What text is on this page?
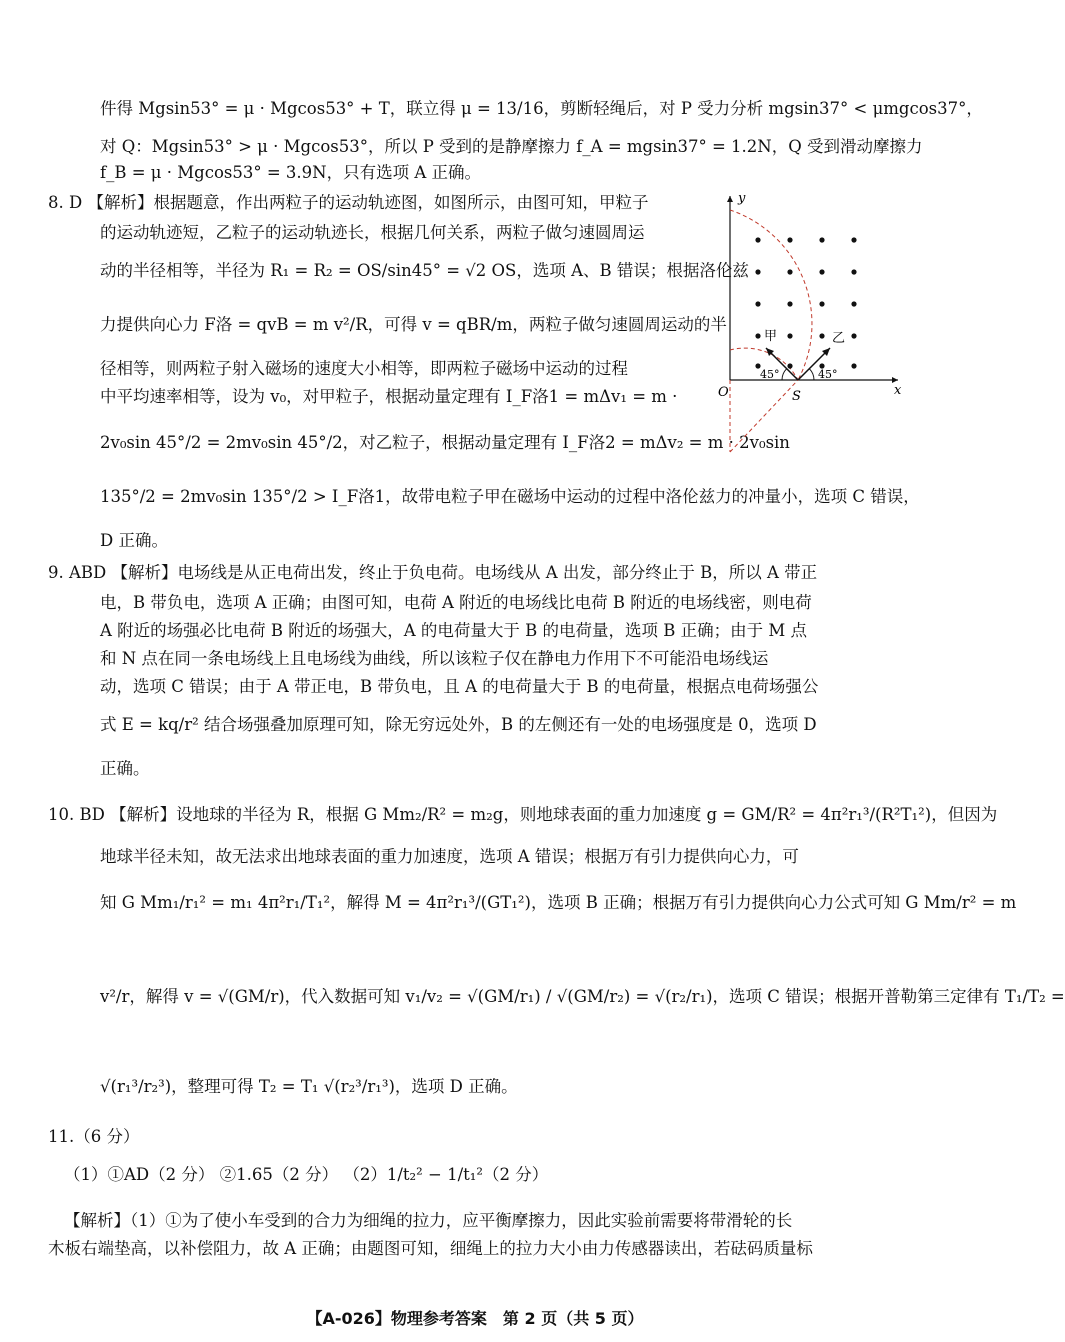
件得 Mgsin53° = μ · Mgcos53° + T，联立得 μ = 13/16，剪断轻绳后，对 P 受力分析 mgsin37° < μmgcos37°，
对 Q：Mgsin53° > μ · Mgcos53°，所以 P 受到的是静摩擦力 f_A = mgsin37° = 1.2N，Q 受到滑动摩擦力
f_B = μ · Mgcos53° = 3.9N，只有选项 A 正确。
8. D 【解析】根据题意，作出两粒子的运动轨迹图，如图所示，由图可知，甲粒子
的运动轨迹短，乙粒子的运动轨迹长，根据几何关系，两粒子做匀速圆周运
动的半径相等，半径为 R₁ = R₂ = OS/sin45° = √2 OS，选项 A、B 错误；根据洛伦兹
力提供向心力 F洛 = qvB = m v²/R，可得 v = qBR/m，两粒子做匀速圆周运动的半
径相等，则两粒子射入磁场的速度大小相等，即两粒子磁场中运动的过程
中平均速率相等，设为 v₀，对甲粒子，根据动量定理有 I_F洛1 = mΔv₁ = m ·
2v₀sin 45°/2 = 2mv₀sin 45°/2，对乙粒子，根据动量定理有 I_F洛2 = mΔv₂ = m · 2v₀sin
135°/2 = 2mv₀sin 135°/2 > I_F洛1，故带电粒子甲在磁场中运动的过程中洛伦兹力的冲量小，选项 C 错误，
D 正确。
9. ABD 【解析】电场线是从正电荷出发，终止于负电荷。电场线从 A 出发，部分终止于 B，所以 A 带正
电，B 带负电，选项 A 正确；由图可知，电荷 A 附近的电场线比电荷 B 附近的电场线密，则电荷
A 附近的场强必比电荷 B 附近的场强大，A 的电荷量大于 B 的电荷量，选项 B 正确；由于 M 点
和 N 点在同一条电场线上且电场线为曲线，所以该粒子仅在静电力作用下不可能沿电场线运
动，选项 C 错误；由于 A 带正电，B 带负电，且 A 的电荷量大于 B 的电荷量，根据点电荷场强公
式 E = kq/r² 结合场强叠加原理可知，除无穷远处外，B 的左侧还有一处的电场强度是 0，选项 D
正确。
10. BD 【解析】设地球的半径为 R，根据 G Mm₂/R² = m₂g，则地球表面的重力加速度 g = GM/R² = 4π²r₁³/(R²T₁²)，但因为
地球半径未知，故无法求出地球表面的重力加速度，选项 A 错误；根据万有引力提供向心力，可
知 G Mm₁/r₁² = m₁ 4π²r₁/T₁²，解得 M = 4π²r₁³/(GT₁²)，选项 B 正确；根据万有引力提供向心力公式可知 G Mm/r² = m
v²/r，解得 v = √(GM/r)，代入数据可知 v₁/v₂ = √(GM/r₁) / √(GM/r₂) = √(r₂/r₁)，选项 C 错误；根据开普勒第三定律有 T₁/T₂ =
√(r₁³/r₂³)，整理可得 T₂ = T₁ √(r₂³/r₁³)，选项 D 正确。
11.（6 分）
（1）①AD（2 分） ②1.65（2 分） （2）1/t₂² − 1/t₁²（2 分）
【解析】（1）①为了使小车受到的合力为细绳的拉力，应平衡摩擦力，因此实验前需要将带滑轮的长
木板右端垫高，以补偿阻力，故 A 正确；由题图可知，细绳上的拉力大小由力传感器读出，若砝码质量标
y
x
O	S
甲	乙
45°	45°
【A-026】物理参考答案　第 2 页（共 5 页）
